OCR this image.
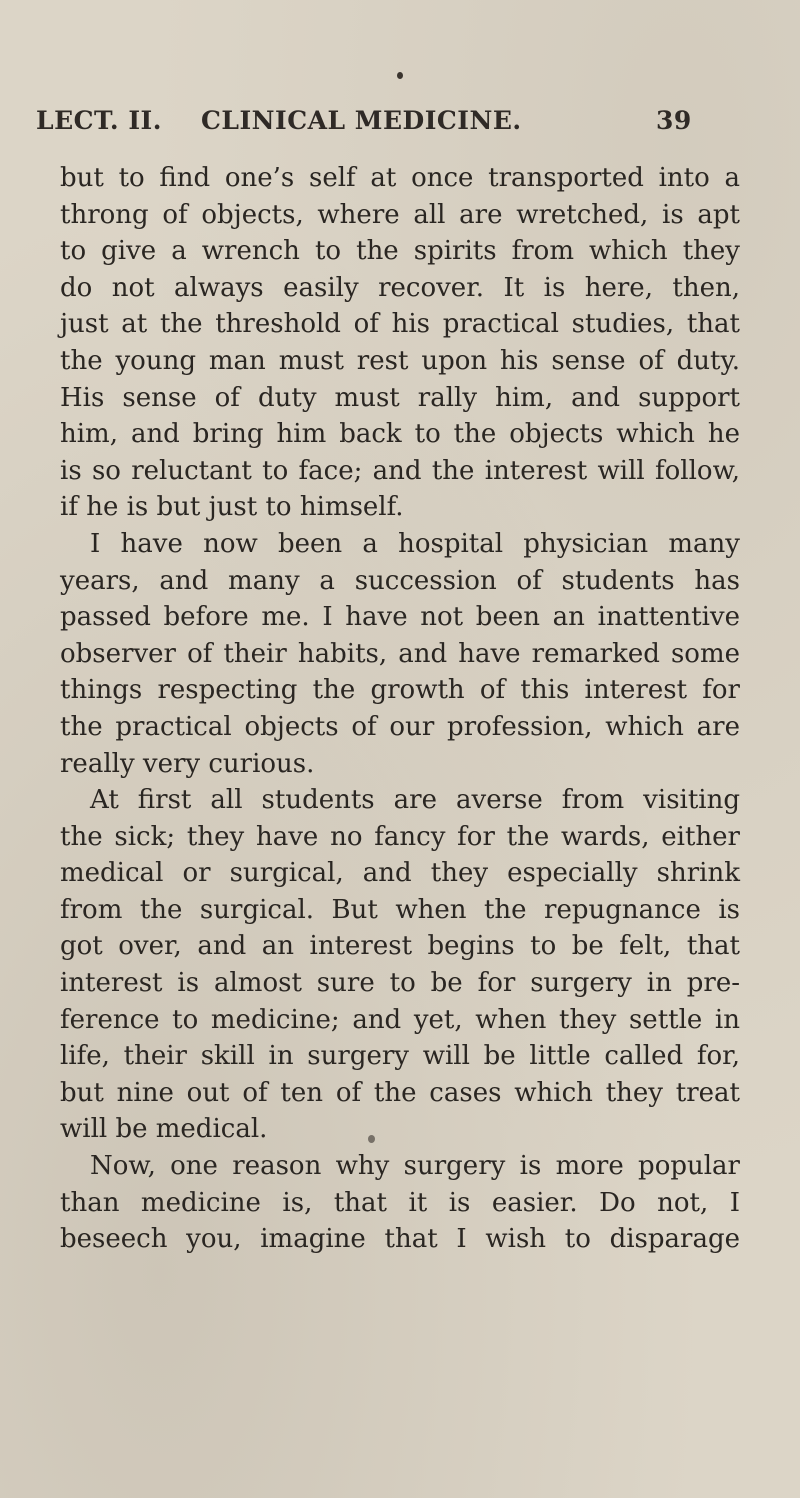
LECT. II. CLINICAL MEDICINE.	39
but to find one’s self at once transported into a
throng of objects, where all are wretched, is apt
to give a wrench to the spirits from which they
do not always easily recover. It is here, then,
just at the threshold of his practical studies, that
the young man must rest upon his sense of duty.
His sense of duty must rally him, and support
him, and bring him back to the objects which he
is so reluctant to face; and the interest will follow,
if he is but just to himself.
I have now been a hospital physician many
years, and many a succession of students has
passed before me. I have not been an inattentive
observer of their habits, and have remarked some
things respecting the growth of this interest for
the practical objects of our profession, which are
really very curious.
At first all students are averse from visiting
the sick; they have no fancy for the wards, either
medical or surgical, and they especially shrink
from the surgical. But when the repugnance is
got over, and an interest begins to be felt, that
interest is almost sure to be for surgery in pre-
ference to medicine; and yet, when they settle in
life, their skill in surgery will be little called for,
but nine out of ten of the cases which they treat
will be medical.
Now, one reason why surgery is more popular
than medicine is, that it is easier. Do not, I
beseech you, imagine that I wish to disparage
